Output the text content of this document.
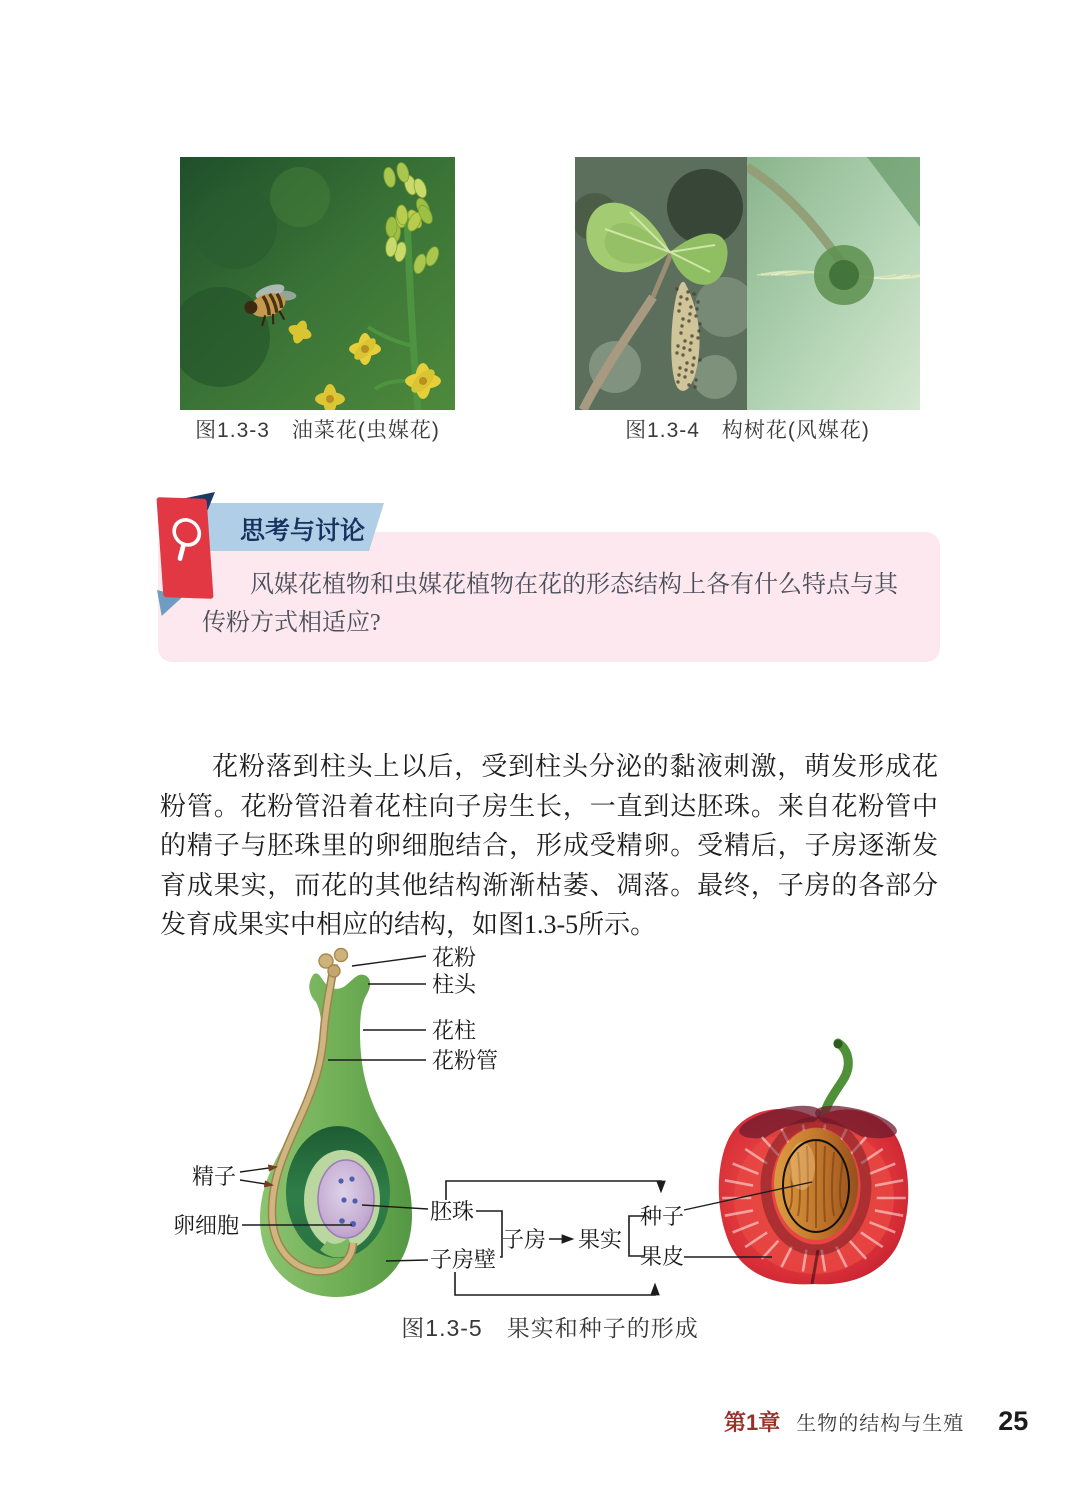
图1.3-3　油菜花(虫媒花)	图1.3-4　构树花(风媒花)
思考与讨论
风媒花植物和虫媒花植物在花的形态结构上各有什么特点与其传粉方式相适应?

花粉落到柱头上以后，受到柱头分泌的黏液刺激，萌发形成花粉管。花粉管沿着花柱向子房生长，一直到达胚珠。来自花粉管中的精子与胚珠里的卵细胞结合，形成受精卵。受精后，子房逐渐发育成果实，而花的其他结构渐渐枯萎、凋落。最终，子房的各部分发育成果实中相应的结构，如图1.3-5所示。

花粉
柱头
花柱
花粉管
精子
卵细胞
胚珠
子房壁
子房 果实
种子
果皮
图1.3-5　果实和种子的形成
第1章 生物的结构与生殖 25
